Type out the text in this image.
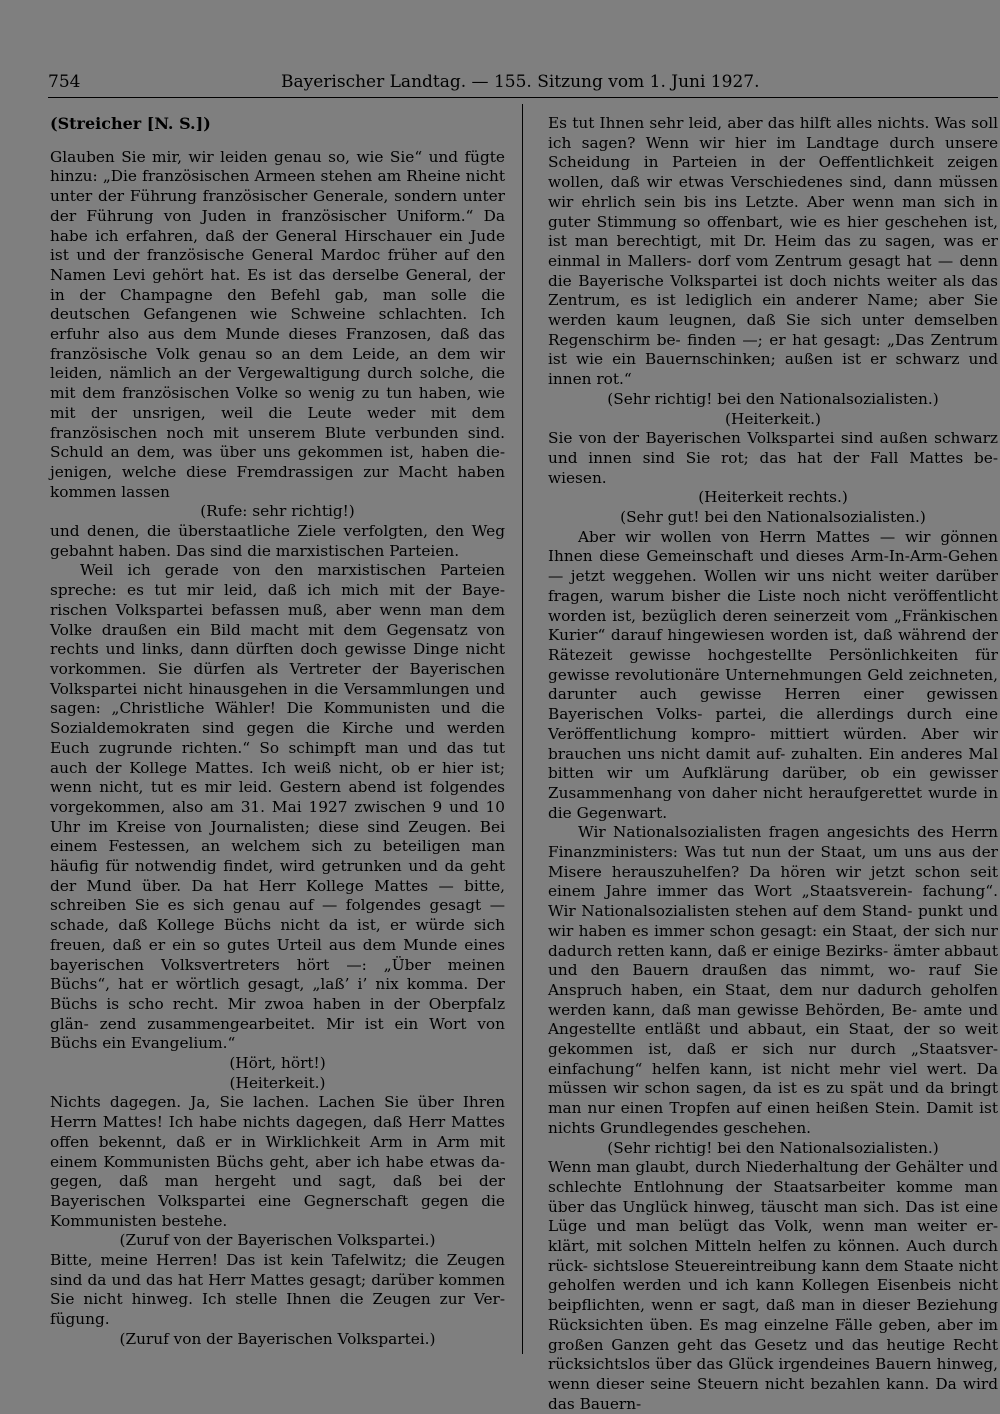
754	Bayerischer Landtag. — 155. Sitzung vom 1. Juni 1927.

(Streicher [N. S.])

Glauben Sie mir, wir leiden genau so, wie Sie“ und fügte hinzu: „Die französischen Armeen stehen am Rheine nicht unter der Führung französischer Generale, sondern unter der Führung von Juden in französischer Uniform.“ Da habe ich erfahren, daß der General Hirschauer ein Jude ist und der französische General Mardoc früher auf den Namen Levi gehört hat. Es ist das derselbe General, der in der Champagne den Befehl gab, man solle die deutschen Gefangenen wie Schweine schlachten. Ich erfuhr also aus dem Munde dieses Franzosen, daß das französische Volk genau so an dem Leide, an dem wir leiden, nämlich an der Vergewaltigung durch solche, die mit dem französischen Volke so wenig zu tun haben, wie mit der unsrigen, weil die Leute weder mit dem französischen noch mit unserem Blute verbunden sind. Schuld an dem, was über uns gekommen ist, haben die- jenigen, welche diese Fremdrassigen zur Macht haben kommen lassen

(Rufe: sehr richtig!)

und denen, die überstaatliche Ziele verfolgten, den Weg gebahnt haben. Das sind die marxistischen Parteien.

Weil ich gerade von den marxistischen Parteien spreche: es tut mir leid, daß ich mich mit der Baye- rischen Volkspartei befassen muß, aber wenn man dem Volke draußen ein Bild macht mit dem Gegensatz von rechts und links, dann dürften doch gewisse Dinge nicht vorkommen. Sie dürfen als Vertreter der Bayerischen Volkspartei nicht hinausgehen in die Versammlungen und sagen: „Christliche Wähler! Die Kommunisten und die Sozialdemokraten sind gegen die Kirche und werden Euch zugrunde richten.“ So schimpft man und das tut auch der Kollege Mattes. Ich weiß nicht, ob er hier ist; wenn nicht, tut es mir leid. Gestern abend ist folgendes vorgekommen, also am 31. Mai 1927 zwischen 9 und 10 Uhr im Kreise von Journalisten; diese sind Zeugen. Bei einem Festessen, an welchem sich zu beteiligen man häufig für notwendig findet, wird getrunken und da geht der Mund über. Da hat Herr Kollege Mattes — bitte, schreiben Sie es sich genau auf — folgendes gesagt — schade, daß Kollege Büchs nicht da ist, er würde sich freuen, daß er ein so gutes Urteil aus dem Munde eines bayerischen Volksvertreters hört —: „Über meinen Büchs“, hat er wörtlich gesagt, „laß’ i’ nix komma. Der Büchs is scho recht. Mir zwoa haben in der Oberpfalz glän- zend zusammengearbeitet. Mir ist ein Wort von Büchs ein Evangelium.“

(Hört, hört!)

(Heiterkeit.)

Nichts dagegen. Ja, Sie lachen. Lachen Sie über Ihren Herrn Mattes! Ich habe nichts dagegen, daß Herr Mattes offen bekennt, daß er in Wirklichkeit Arm in Arm mit einem Kommunisten Büchs geht, aber ich habe etwas da- gegen, daß man hergeht und sagt, daß bei der Bayerischen Volkspartei eine Gegnerschaft gegen die Kommunisten bestehe.

(Zuruf von der Bayerischen Volkspartei.)

Bitte, meine Herren! Das ist kein Tafelwitz; die Zeugen sind da und das hat Herr Mattes gesagt; darüber kommen Sie nicht hinweg. Ich stelle Ihnen die Zeugen zur Ver- fügung.

(Zuruf von der Bayerischen Volkspartei.)

Es tut Ihnen sehr leid, aber das hilft alles nichts. Was soll ich sagen? Wenn wir hier im Landtage durch unsere Scheidung in Parteien in der Oeffentlichkeit zeigen wollen, daß wir etwas Verschiedenes sind, dann müssen wir ehrlich sein bis ins Letzte. Aber wenn man sich in guter Stimmung so offenbart, wie es hier geschehen ist, ist man berechtigt, mit Dr. Heim das zu sagen, was er einmal in Mallers- dorf vom Zentrum gesagt hat — denn die Bayerische Volkspartei ist doch nichts weiter als das Zentrum, es ist lediglich ein anderer Name; aber Sie werden kaum leugnen, daß Sie sich unter demselben Regenschirm be- finden —; er hat gesagt: „Das Zentrum ist wie ein Bauernschinken; außen ist er schwarz und innen rot.“

(Sehr richtig! bei den Nationalsozialisten.)

(Heiterkeit.)

Sie von der Bayerischen Volkspartei sind außen schwarz und innen sind Sie rot; das hat der Fall Mattes be- wiesen.

(Heiterkeit rechts.)

(Sehr gut! bei den Nationalsozialisten.)

Aber wir wollen von Herrn Mattes — wir gönnen Ihnen diese Gemeinschaft und dieses Arm-In-Arm-Gehen — jetzt weggehen. Wollen wir uns nicht weiter darüber fragen, warum bisher die Liste noch nicht veröffentlicht worden ist, bezüglich deren seinerzeit vom „Fränkischen Kurier“ darauf hingewiesen worden ist, daß während der Rätezeit gewisse hochgestellte Persönlichkeiten für gewisse revolutionäre Unternehmungen Geld zeichneten, darunter auch gewisse Herren einer gewissen Bayerischen Volks- partei, die allerdings durch eine Veröffentlichung kompro- mittiert würden. Aber wir brauchen uns nicht damit auf- zuhalten. Ein anderes Mal bitten wir um Aufklärung darüber, ob ein gewisser Zusammenhang von daher nicht heraufgerettet wurde in die Gegenwart.

Wir Nationalsozialisten fragen angesichts des Herrn Finanzministers: Was tut nun der Staat, um uns aus der Misere herauszuhelfen? Da hören wir jetzt schon seit einem Jahre immer das Wort „Staatsverein- fachung“. Wir Nationalsozialisten stehen auf dem Stand- punkt und wir haben es immer schon gesagt: ein Staat, der sich nur dadurch retten kann, daß er einige Bezirks- ämter abbaut und den Bauern draußen das nimmt, wo- rauf Sie Anspruch haben, ein Staat, dem nur dadurch geholfen werden kann, daß man gewisse Behörden, Be- amte und Angestellte entläßt und abbaut, ein Staat, der so weit gekommen ist, daß er sich nur durch „Staatsver- einfachung“ helfen kann, ist nicht mehr viel wert. Da müssen wir schon sagen, da ist es zu spät und da bringt man nur einen Tropfen auf einen heißen Stein. Damit ist nichts Grundlegendes geschehen.

(Sehr richtig! bei den Nationalsozialisten.)

Wenn man glaubt, durch Niederhaltung der Gehälter und schlechte Entlohnung der Staatsarbeiter komme man über das Unglück hinweg, täuscht man sich. Das ist eine Lüge und man belügt das Volk, wenn man weiter er- klärt, mit solchen Mitteln helfen zu können. Auch durch rück- sichtslose Steuereintreibung kann dem Staate nicht geholfen werden und ich kann Kollegen Eisenbeis nicht beipflichten, wenn er sagt, daß man in dieser Beziehung Rücksichten üben. Es mag einzelne Fälle geben, aber im großen Ganzen geht das Gesetz und das heutige Recht rücksichtslos über das Glück irgendeines Bauern hinweg, wenn dieser seine Steuern nicht bezahlen kann. Da wird das Bauern-
